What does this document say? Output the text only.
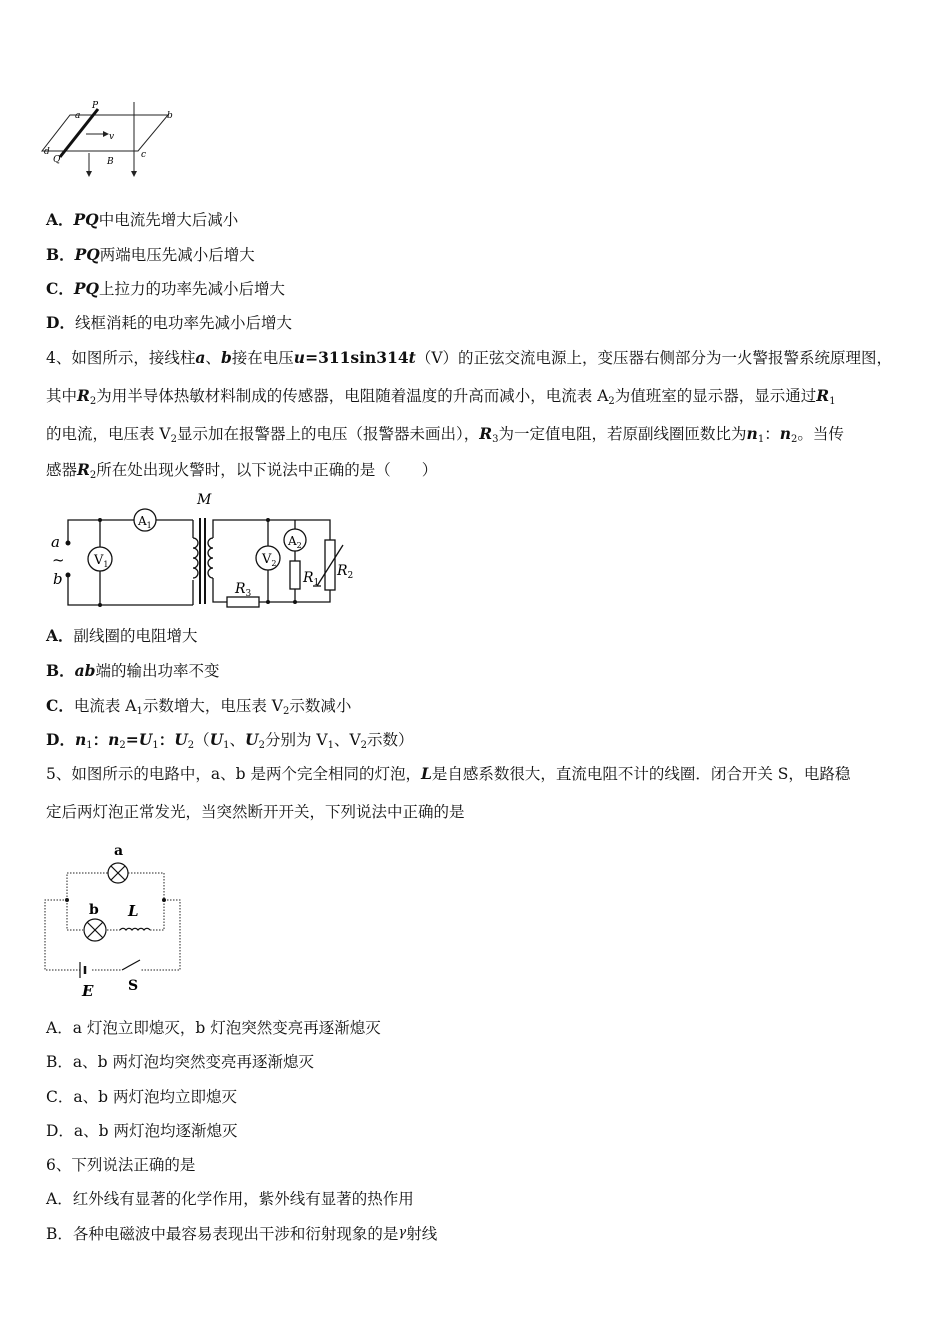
a
P
b
v
d
Q	B
c
A．PQ中电流先增大后减小
B．PQ两端电压先减小后增大
C．PQ上拉力的功率先减小后增大
D．线框消耗的电功率先减小后增大
4、如图所示，接线柱a、b接在电压u=311sin314t（V）的正弦交流电源上，变压器右侧部分为一火警报警系统原理图，
其中$R_2$为用半导体热敏材料制成的传感器，电阻随着温度的升高而减小，电流表 $A_2$为值班室的显示器，显示通过$R_1$
的电流，电压表 $V_2$显示加在报警器上的电压（报警器未画出），$R_3$为一定值电阻，若原副线圈匝数比为$n_1$：$n_2$。当传
感器$R_2$所在处出现火警时，以下说法中正确的是（　　）
M
a
~
b
$V_1$
$A_1$
$V_2$
$A_2$
$R_1$
$R_2$
$R_3$
A．副线圈的电阻增大
B．ab端的输出功率不变
C．电流表 $A_1$示数增大，电压表 $V_2$示数减小
D．$n_1$：$n_2=U_1$：$U_2(U_1$、$U_2$分别为 $V_1$、$V_2$示数）
5、如图所示的电路中，a、b 是两个完全相同的灯泡，L是自感系数很大，直流电阻不计的线圈．闭合开关 S，电路稳
定后两灯泡正常发光，当突然断开开关，下列说法中正确的是
a
b L
E S
A．a 灯泡立即熄灭，b 灯泡突然变亮再逐渐熄灭
B．a、b 两灯泡均突然变亮再逐渐熄灭
C．a、b 两灯泡均立即熄灭
D．a、b 两灯泡均逐渐熄灭
6、下列说法正确的是
A．红外线有显著的化学作用，紫外线有显著的热作用
B．各种电磁波中最容易表现出干涉和衍射现象的是γ射线
